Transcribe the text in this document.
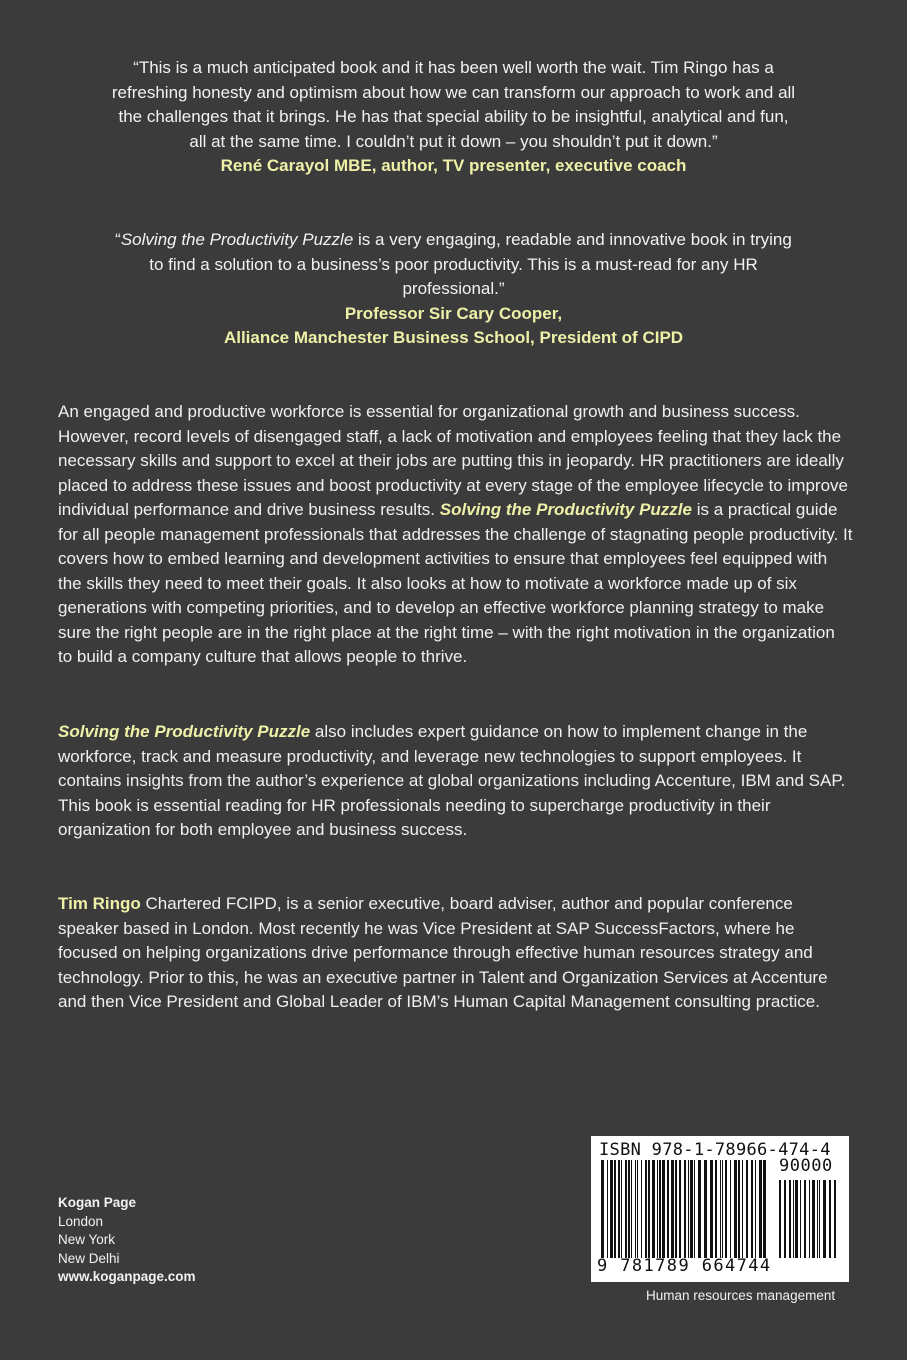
“This is a much anticipated book and it has been well worth the wait. Tim Ringo has a refreshing honesty and optimism about how we can transform our approach to work and all the challenges that it brings. He has that special ability to be insightful, analytical and fun, all at the same time. I couldn’t put it down – you shouldn’t put it down.”
René Carayol MBE, author, TV presenter, executive coach
“Solving the Productivity Puzzle is a very engaging, readable and innovative book in trying to find a solution to a business’s poor productivity. This is a must-read for any HR professional.”
Professor Sir Cary Cooper,
Alliance Manchester Business School, President of CIPD
An engaged and productive workforce is essential for organizational growth and business success. However, record levels of disengaged staff, a lack of motivation and employees feeling that they lack the necessary skills and support to excel at their jobs are putting this in jeopardy. HR practitioners are ideally placed to address these issues and boost productivity at every stage of the employee lifecycle to improve individual performance and drive business results. Solving the Productivity Puzzle is a practical guide for all people management professionals that addresses the challenge of stagnating people productivity. It covers how to embed learning and development activities to ensure that employees feel equipped with the skills they need to meet their goals. It also looks at how to motivate a workforce made up of six generations with competing priorities, and to develop an effective workforce planning strategy to make sure the right people are in the right place at the right time – with the right motivation in the organization to build a company culture that allows people to thrive.
Solving the Productivity Puzzle also includes expert guidance on how to implement change in the workforce, track and measure productivity, and leverage new technologies to support employees. It contains insights from the author’s experience at global organizations including Accenture, IBM and SAP. This book is essential reading for HR professionals needing to supercharge productivity in their organization for both employee and business success.
Tim Ringo Chartered FCIPD, is a senior executive, board adviser, author and popular conference speaker based in London. Most recently he was Vice President at SAP SuccessFactors, where he focused on helping organizations drive performance through effective human resources strategy and technology. Prior to this, he was an executive partner in Talent and Organization Services at Accenture and then Vice President and Global Leader of IBM’s Human Capital Management consulting practice.
Kogan Page
London
New York
New Delhi
www.koganpage.com
ISBN 978-1-78966-474-4
90000
9 781789 664744
Human resources management
